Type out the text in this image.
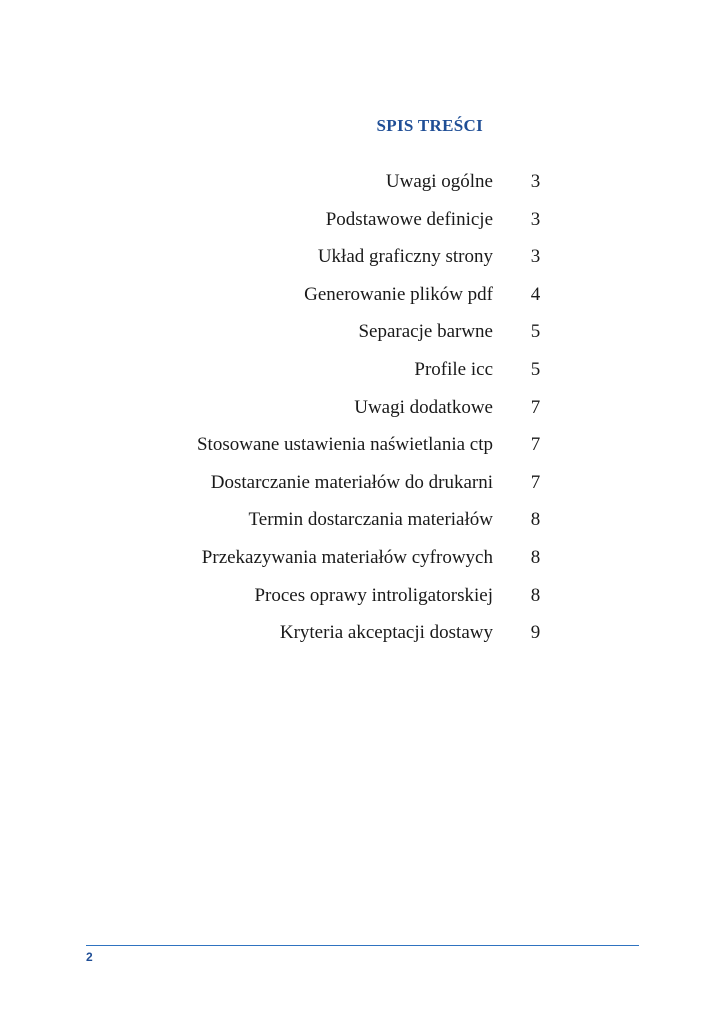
SPIS TREŚCI
Uwagi ogólne	3
Podstawowe definicje	3
Układ graficzny strony	3
Generowanie plików pdf	4
Separacje barwne	5
Profile icc	5
Uwagi dodatkowe	7
Stosowane ustawienia naświetlania ctp	7
Dostarczanie materiałów do drukarni	7
Termin dostarczania materiałów	8
Przekazywania materiałów cyfrowych	8
Proces oprawy introligatorskiej	8
Kryteria akceptacji dostawy	9
2
